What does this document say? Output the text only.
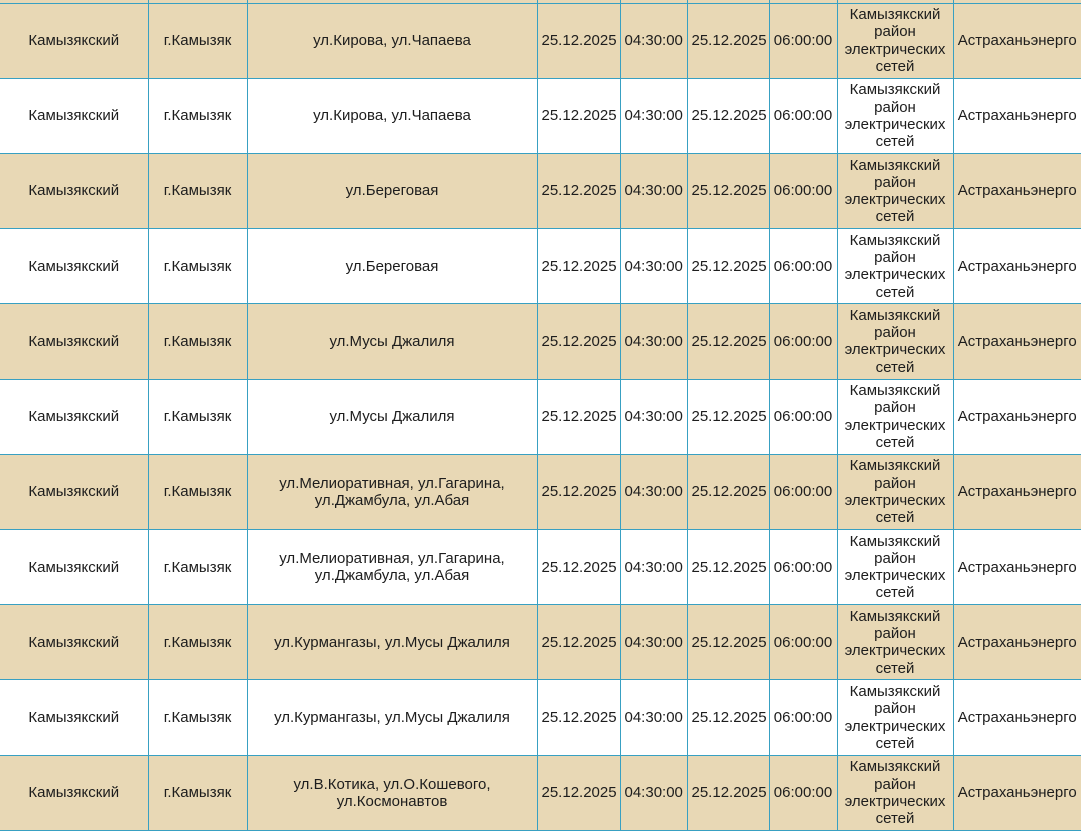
Камызякский	г.Камызяк	ул.Кирова, ул.Чапаева	25.12.2025	04:30:00	25.12.2025	06:00:00	Камызякский район электрических сетей	Астраханьэнерго
Камызякский	г.Камызяк	ул.Кирова, ул.Чапаева	25.12.2025	04:30:00	25.12.2025	06:00:00	Камызякский район электрических сетей	Астраханьэнерго
Камызякский	г.Камызяк	ул.Береговая	25.12.2025	04:30:00	25.12.2025	06:00:00	Камызякский район электрических сетей	Астраханьэнерго
Камызякский	г.Камызяк	ул.Береговая	25.12.2025	04:30:00	25.12.2025	06:00:00	Камызякский район электрических сетей	Астраханьэнерго
Камызякский	г.Камызяк	ул.Мусы Джалиля	25.12.2025	04:30:00	25.12.2025	06:00:00	Камызякский район электрических сетей	Астраханьэнерго
Камызякский	г.Камызяк	ул.Мусы Джалиля	25.12.2025	04:30:00	25.12.2025	06:00:00	Камызякский район электрических сетей	Астраханьэнерго
Камызякский	г.Камызяк	ул.Мелиоративная, ул.Гагарина, ул.Джамбула, ул.Абая	25.12.2025	04:30:00	25.12.2025	06:00:00	Камызякский район электрических сетей	Астраханьэнерго
Камызякский	г.Камызяк	ул.Мелиоративная, ул.Гагарина, ул.Джамбула, ул.Абая	25.12.2025	04:30:00	25.12.2025	06:00:00	Камызякский район электрических сетей	Астраханьэнерго
Камызякский	г.Камызяк	ул.Курмангазы, ул.Мусы Джалиля	25.12.2025	04:30:00	25.12.2025	06:00:00	Камызякский район электрических сетей	Астраханьэнерго
Камызякский	г.Камызяк	ул.Курмангазы, ул.Мусы Джалиля	25.12.2025	04:30:00	25.12.2025	06:00:00	Камызякский район электрических сетей	Астраханьэнерго
Камызякский	г.Камызяк	ул.В.Котика, ул.О.Кошевого, ул.Космонавтов	25.12.2025	04:30:00	25.12.2025	06:00:00	Камызякский район электрических сетей	Астраханьэнерго
